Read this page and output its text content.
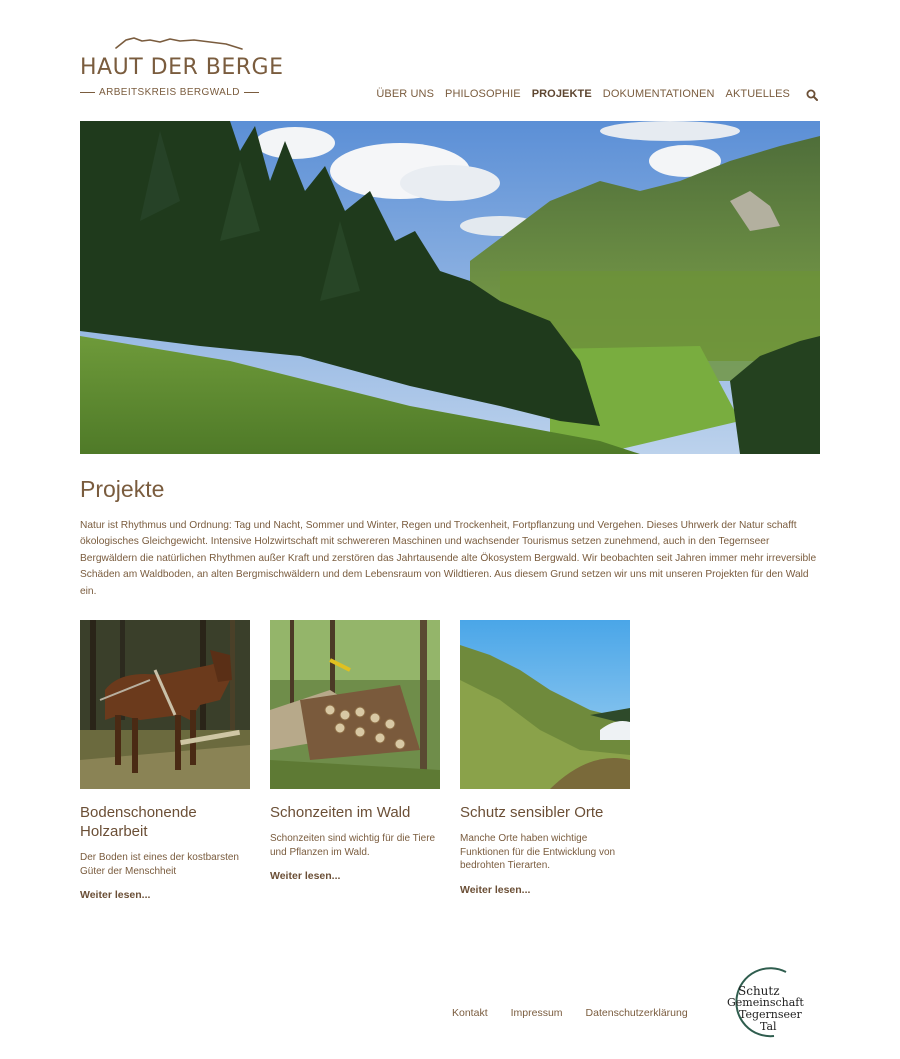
HAUT DER BERGE
ARBEITSKREIS BERGWALD	ÜBER UNS PHILOSOPHIE PROJEKTE DOKUMENTATIONEN AKTUELLES
Projekte

Natur ist Rhythmus und Ordnung: Tag und Nacht, Sommer und Winter, Regen und Trockenheit, Fortpflanzung und Vergehen. Dieses Uhrwerk der Natur schafft ökologisches Gleichgewicht. Intensive Holzwirtschaft mit schwereren Maschinen und wachsender Tourismus setzen zunehmend, auch in den Tegernseer Bergwäldern die natürlichen Rhythmen außer Kraft und zerstören das Jahrtausende alte Ökosystem Bergwald. Wir beobachten seit Jahren immer mehr irreversible Schäden am Waldboden, an alten Bergmischwäldern und dem Lebensraum von Wildtieren. Aus diesem Grund setzen wir uns mit unseren Projekten für den Wald ein.

Bodenschonende Holzarbeit

Der Boden ist eines der kostbarsten Güter der Menschheit

Weiter lesen...
Schonzeiten im Wald

Schonzeiten sind wichtig für die Tiere und Pflanzen im Wald.

Weiter lesen...
Schutz sensibler Orte

Manche Orte haben wichtige Funktionen für die Entwicklung von bedrohten Tierarten.

Weiter lesen...
Kontakt Impressum Datenschutzerklärung
Schutz
Gemeinschaft
Tegernseer
Tal
